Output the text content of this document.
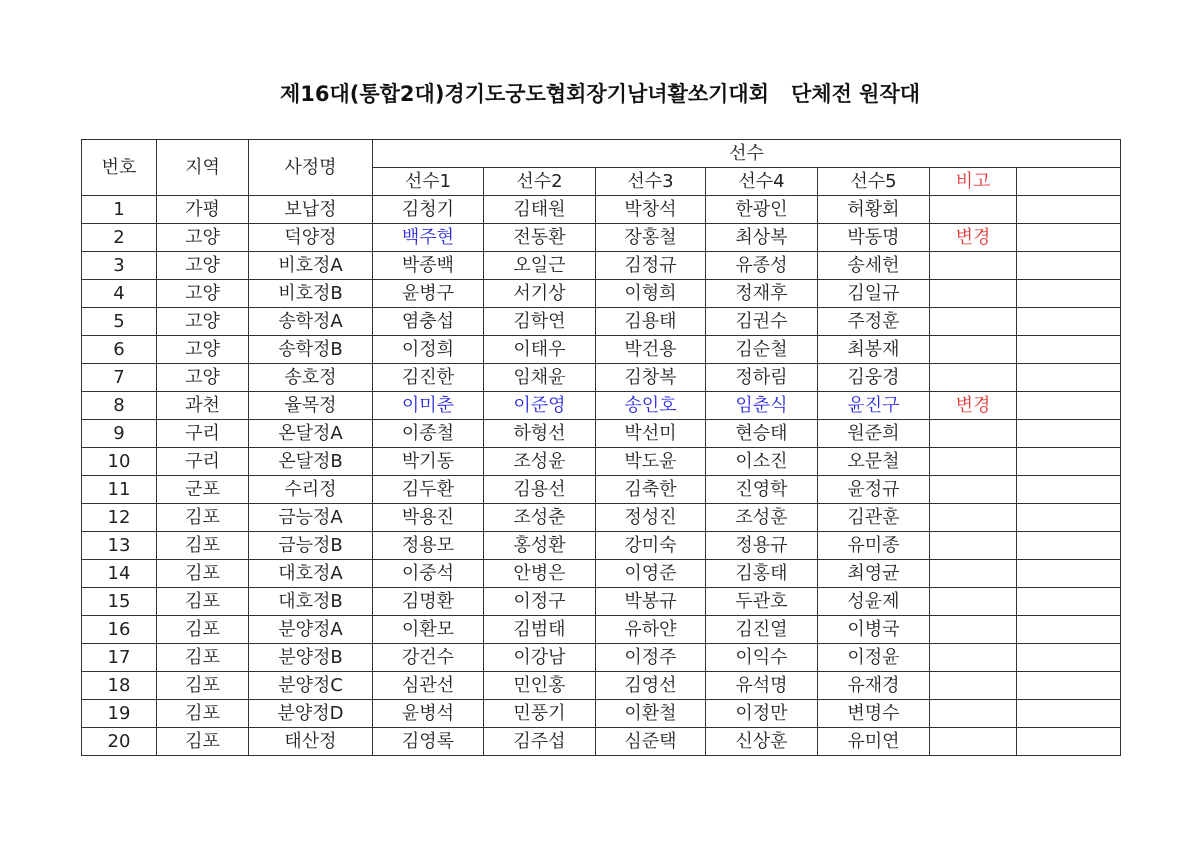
제16대(통합2대)경기도궁도협회장기남녀활쏘기대회 단체전 원작대
번호	지역	사정명	선수						
			선수1	선수2	선수3	선수4	선수5	비고	
1	가평	보납정	김청기	김태원	박창석	한광인	허황회		
2	고양	덕양정	백주현	전동환	장홍철	최상복	박동명	변경	
3	고양	비호정A	박종백	오일근	김정규	유종성	송세헌		
4	고양	비호정B	윤병구	서기상	이형희	정재후	김일규		
5	고양	송학정A	염충섭	김학연	김용태	김권수	주정훈		
6	고양	송학정B	이정희	이태우	박건용	김순철	최봉재		
7	고양	송호정	김진한	임채윤	김창복	정하림	김웅경		
8	과천	율목정	이미춘	이준영	송인호	임춘식	윤진구	변경	
9	구리	온달정A	이종철	하형선	박선미	현승태	원준희		
10	구리	온달정B	박기동	조성윤	박도윤	이소진	오문철		
11	군포	수리정	김두환	김용선	김축한	진영학	윤정규		
12	김포	금능정A	박용진	조성춘	정성진	조성훈	김관훈		
13	김포	금능정B	정용모	홍성환	강미숙	정용규	유미종		
14	김포	대호정A	이중석	안병은	이영준	김홍태	최영균		
15	김포	대호정B	김명환	이정구	박봉규	두관호	성윤제		
16	김포	분양정A	이환모	김범태	유하얀	김진열	이병국		
17	김포	분양정B	강건수	이강남	이정주	이익수	이정윤		
18	김포	분양정C	심관선	민인홍	김영선	유석명	유재경		
19	김포	분양정D	윤병석	민풍기	이환철	이정만	변명수		
20	김포	태산정	김영록	김주섭	심준택	신상훈	유미연		
